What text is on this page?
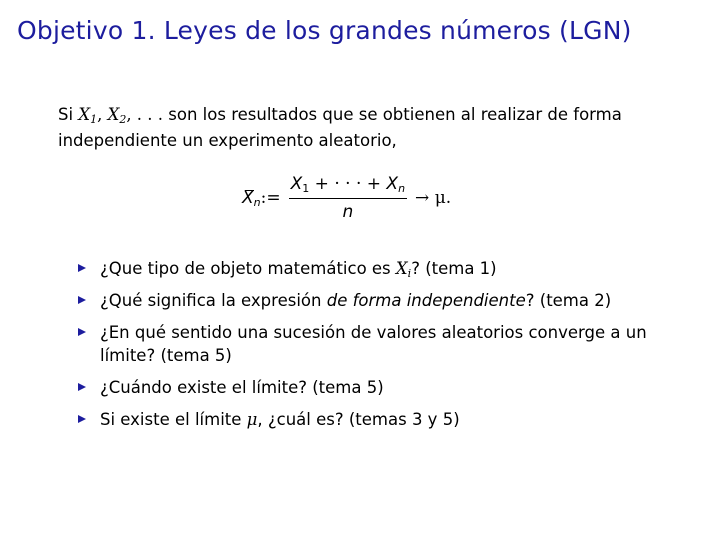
Objetivo 1. Leyes de los grandes números (LGN)
Si $X_1$, $X_2$, . . . son los resultados que se obtienen al realizar de forma independiente un experimento aleatorio,
$X_n$ := $\frac{X_1 + \cdot \cdot \cdot + X_n}{n} \to \mu$.
¿Que tipo de objeto matemático es $X_i$? (tema 1)
¿Qué significa la expresión de forma independiente? (tema 2)
¿En qué sentido una sucesión de valores aleatorios converge a un límite? (tema 5)
¿Cuándo existe el límite? (tema 5)
Si existe el límite μ, ¿cuál es? (temas 3 y 5)
